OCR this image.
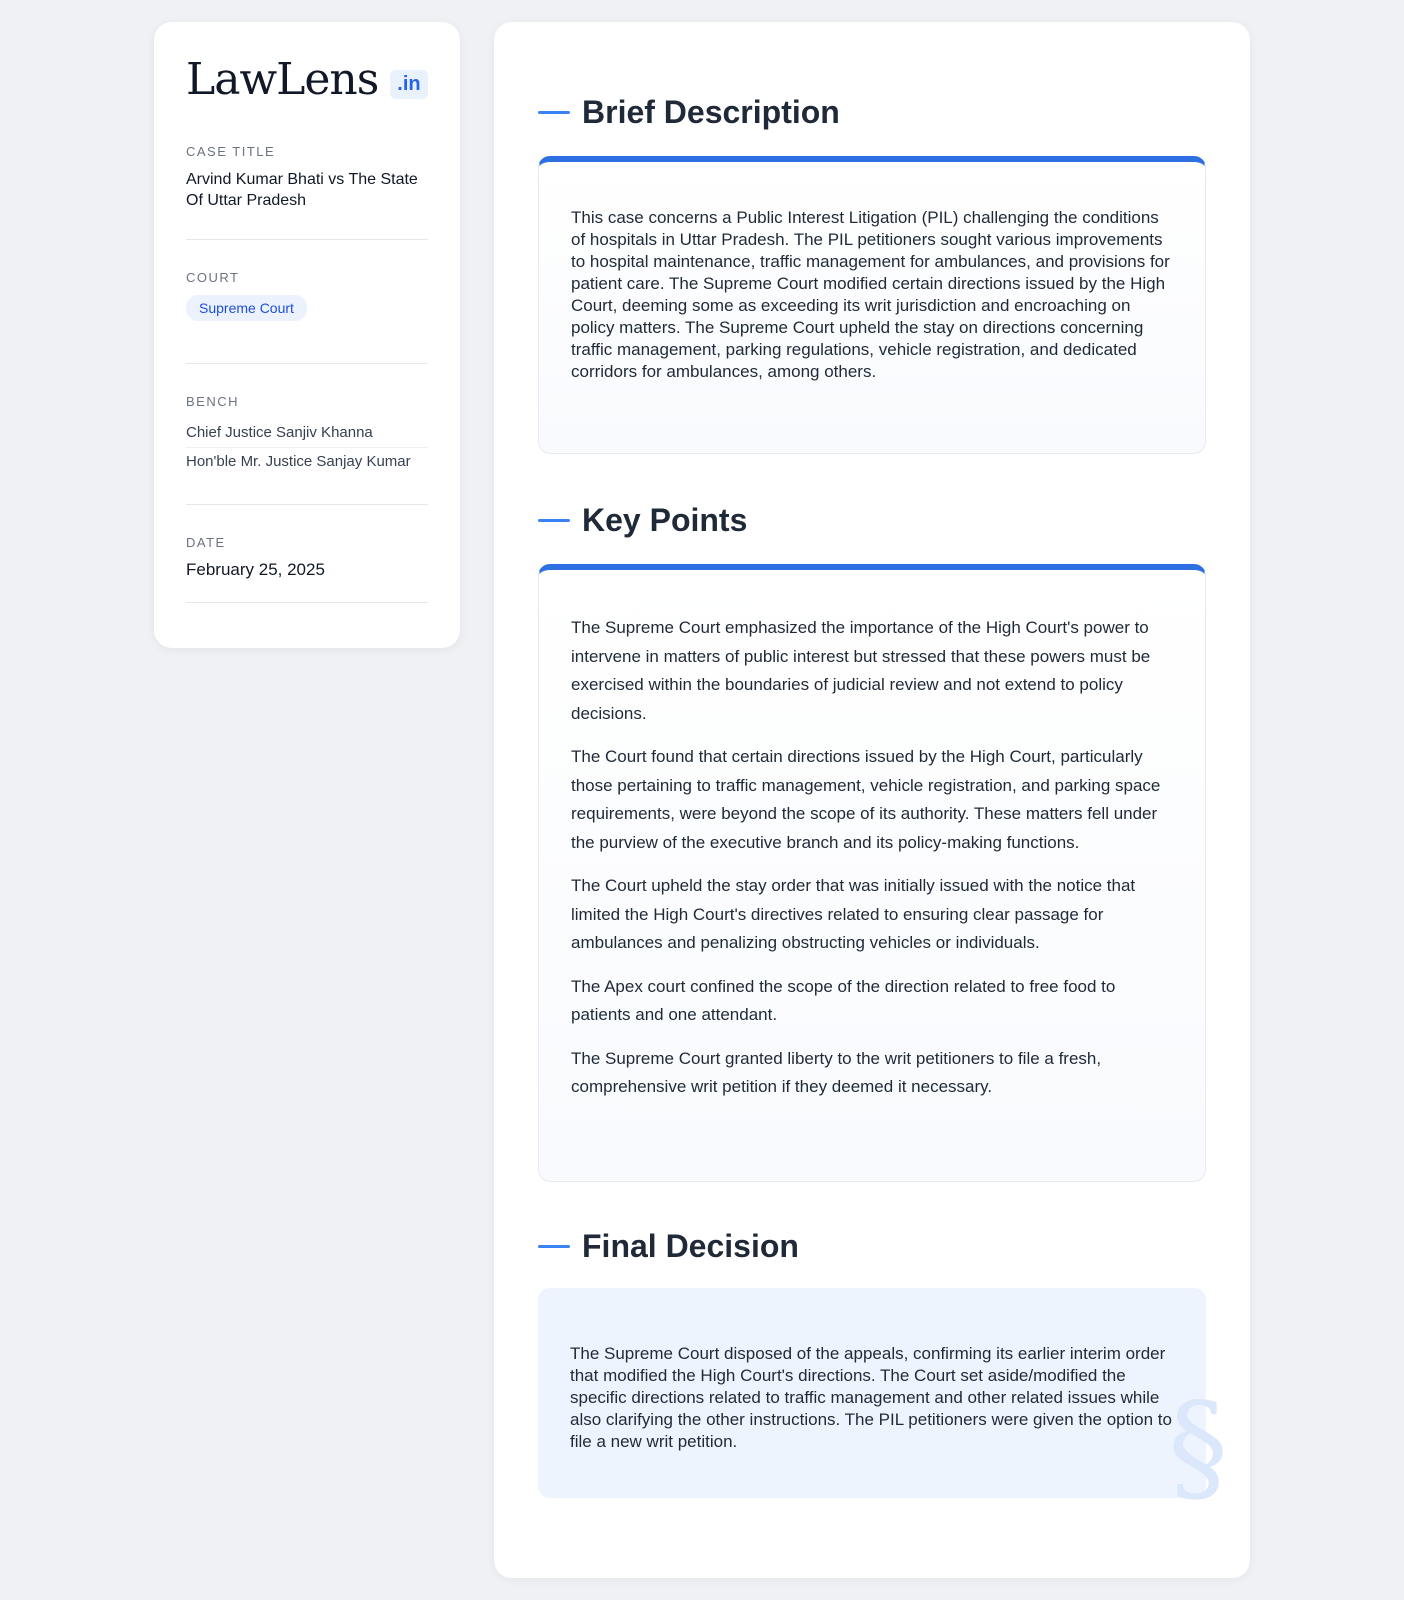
LawLens .in
CASE TITLE
Arvind Kumar Bhati vs The State Of Uttar Pradesh
COURT
Supreme Court
BENCH
Chief Justice Sanjiv Khanna
Hon'ble Mr. Justice Sanjay Kumar
DATE
February 25, 2025
Brief Description

This case concerns a Public Interest Litigation (PIL) challenging the conditions of hospitals in Uttar Pradesh. The PIL petitioners sought various improvements to hospital maintenance, traffic management for ambulances, and provisions for patient care. The Supreme Court modified certain directions issued by the High Court, deeming some as exceeding its writ jurisdiction and encroaching on policy matters. The Supreme Court upheld the stay on directions concerning traffic management, parking regulations, vehicle registration, and dedicated corridors for ambulances, among others.

Key Points

The Supreme Court emphasized the importance of the High Court's power to intervene in matters of public interest but stressed that these powers must be exercised within the boundaries of judicial review and not extend to policy decisions.

The Court found that certain directions issued by the High Court, particularly those pertaining to traffic management, vehicle registration, and parking space requirements, were beyond the scope of its authority. These matters fell under the purview of the executive branch and its policy-making functions.

The Court upheld the stay order that was initially issued with the notice that limited the High Court's directives related to ensuring clear passage for ambulances and penalizing obstructing vehicles or individuals.

The Apex court confined the scope of the direction related to free food to patients and one attendant.

The Supreme Court granted liberty to the writ petitioners to file a fresh, comprehensive writ petition if they deemed it necessary.

Final Decision

The Supreme Court disposed of the appeals, confirming its earlier interim order that modified the High Court's directions. The Court set aside/modified the specific directions related to traffic management and other related issues while also clarifying the other instructions. The PIL petitioners were given the option to file a new writ petition.	§
